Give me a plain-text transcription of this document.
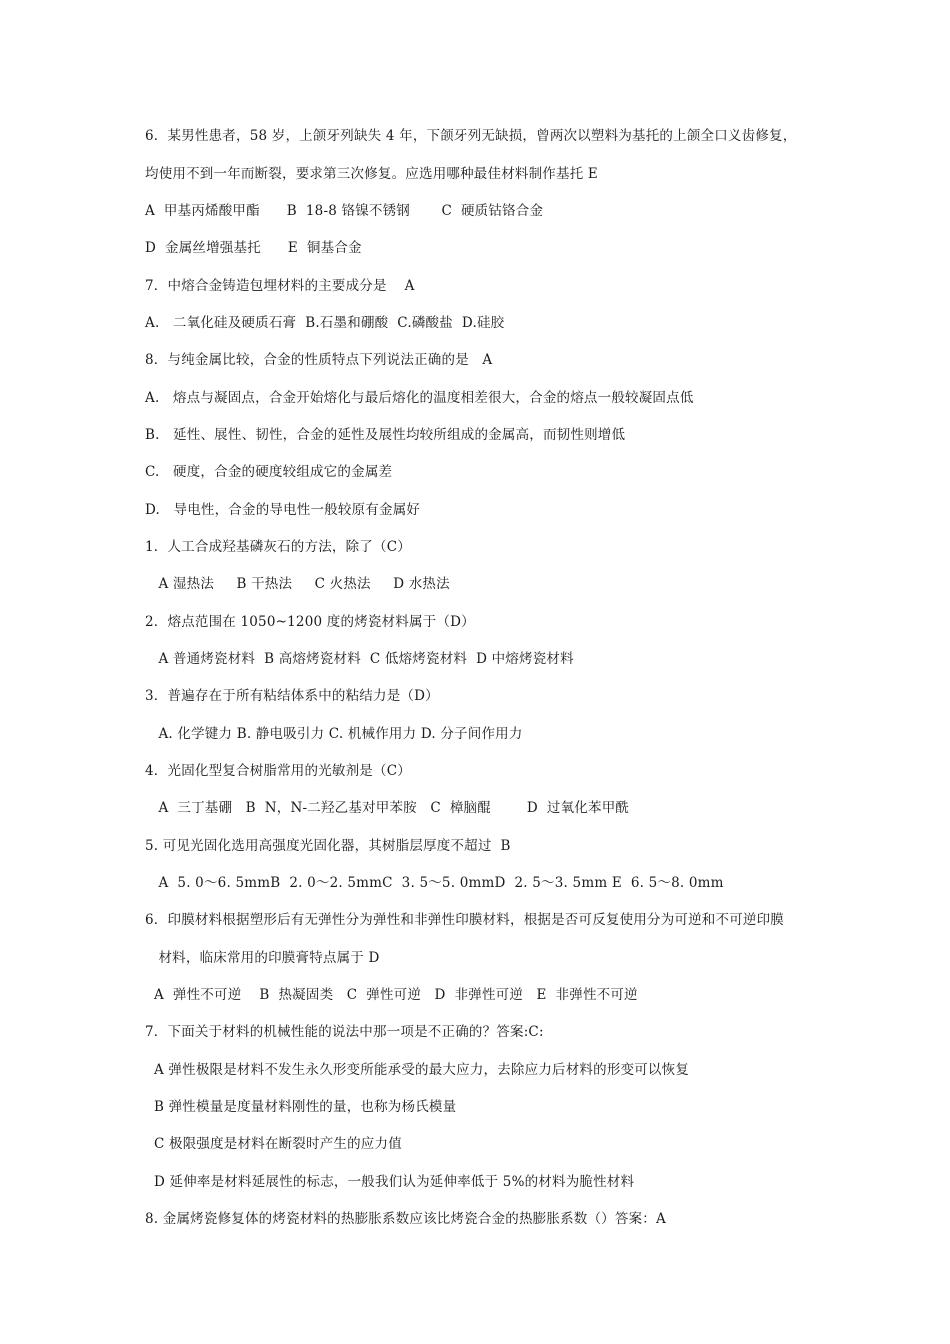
6．某男性患者，58 岁，上颌牙列缺失 4 年，下颌牙列无缺损，曾两次以塑料为基托的上颌全口义齿修复，
均使用不到一年而断裂，要求第三次修复。应选用哪种最佳材料制作基托 E
A  甲基丙烯酸甲酯      B  18-8 铬镍不锈钢       C  硬质钴铬合金
D  金属丝增强基托      E  铜基合金
7．中熔合金铸造包埋材料的主要成分是    A
A.   二氧化硅及硬质石膏  B.石墨和硼酸  C.磷酸盐  D.硅胶
8．与纯金属比较，合金的性质特点下列说法正确的是   A
A.   熔点与凝固点，合金开始熔化与最后熔化的温度相差很大，合金的熔点一般较凝固点低
B.   延性、展性、韧性，合金的延性及展性均较所组成的金属高，而韧性则增低
C.   硬度，合金的硬度较组成它的金属差
D.   导电性，合金的导电性一般较原有金属好
1．人工合成羟基磷灰石的方法，除了（C）
A 湿热法     B 干热法     C 火热法     D 水热法
2．熔点范围在 1050~1200 度的烤瓷材料属于（D）
A 普通烤瓷材料  B 高熔烤瓷材料  C 低熔烤瓷材料  D 中熔烤瓷材料
3．普遍存在于所有粘结体系中的粘结力是（D）
A. 化学键力 B. 静电吸引力 C. 机械作用力 D. 分子间作用力
4．光固化型复合树脂常用的光敏剂是（C）
A  三丁基硼   B  N，N-二羟乙基对甲苯胺   C  樟脑醌        D  过氧化苯甲酰
5. 可见光固化选用高强度光固化器，其树脂层厚度不超过  B
A  5. 0～6. 5mmB  2. 0～2. 5mmC  3. 5～5. 0mmD  2. 5～3. 5mm E  6. 5～8. 0mm
6．印膜材料根据塑形后有无弹性分为弹性和非弹性印膜材料，根据是否可反复使用分为可逆和不可逆印膜
材料，临床常用的印膜膏特点属于 D
A  弹性不可逆    B  热凝固类   C  弹性可逆   D  非弹性可逆   E  非弹性不可逆
7．下面关于材料的机械性能的说法中那一项是不正确的？答案:C:
A 弹性极限是材料不发生永久形变所能承受的最大应力，去除应力后材料的形变可以恢复
B 弹性模量是度量材料刚性的量，也称为杨氏模量
C 极限强度是材料在断裂时产生的应力值
D 延伸率是材料延展性的标志，一般我们认为延伸率低于 5%的材料为脆性材料
8. 金属烤瓷修复体的烤瓷材料的热膨胀系数应该比烤瓷合金的热膨胀系数（）答案：A
